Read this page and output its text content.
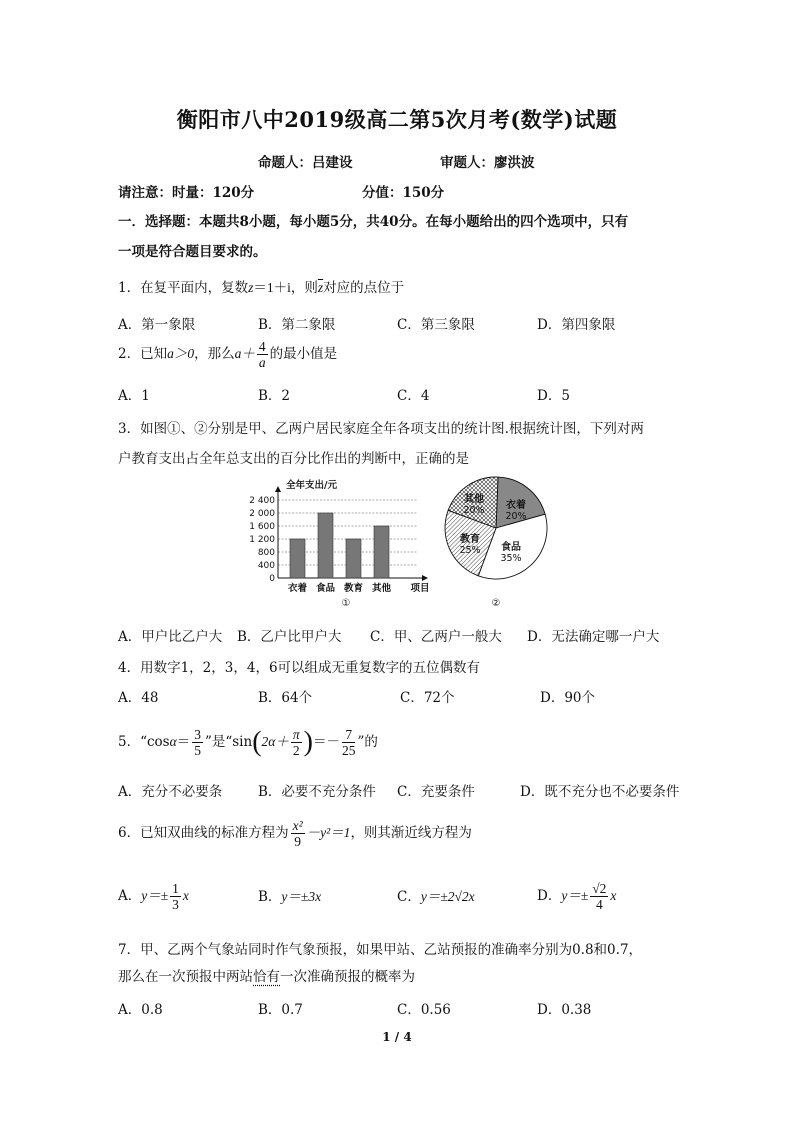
衡阳市八中2019级高二第5次月考(数学)试题
命题人：吕建设	审题人：廖洪波
请注意：时量：120分	分值：150分
一．选择题：本题共8小题，每小题5分，共40分。在每小题给出的四个选项中，只有
一项是符合题目要求的。
1．在复平面内，复数z＝1＋i，则$\overline{z}$对应的点位于
A．第一象限	B．第二象限	C．第三象限	D．第四象限
2．已知a＞0，那么$a+ \frac{4}{a}$ 的最小值是
A．1	B．2	C．4	D．5
3．如图①、②分别是甲、乙两户居民家庭全年各项支出的统计图.根据统计图，下列对两
户教育支出占全年总支出的百分比作出的判断中，正确的是
2 400
2 000
1 600
1 200
800
400
0
全年支出/元
衣着 食品 教育 其他 项目
①
衣着
20%
食品
35%
教育
25%
其他
20%
②
A．甲户比乙户大 B．乙户比甲户大 C．甲、乙两户一般大 D．无法确定哪一户大
4．用数字1，2，3，4，6可以组成无重复数字的五位偶数有
A．48	B．64个	C．72个	D．90个
5．“$\cos\alpha= \frac{3}{5}$ ”是“$\sin(2\alpha+ \frac{\pi}{2}$ )＝－ $\frac{7}{25}$ ”的
A．充分不必要条	B．必要不充分条件 C．充要条件	D．既不充分也不必要条件
6．已知双曲线的标准方程为 $\frac{\text{x²}}{9} -y^2=1$，则其渐近线方程为
A．$y=\pm \frac{1}{3}$ x	B．y＝±3x	C．y＝±2√2x	D．$y=\pm \frac{√2}{4}$ x
7．甲、乙两个气象站同时作气象预报，如果甲站、乙站预报的准确率分别为0.8和0.7，
那么在一次预报中两站恰有一次准确预报的概率为
A．0.8	B．0.7	C．0.56	D．0.38
1 / 4
